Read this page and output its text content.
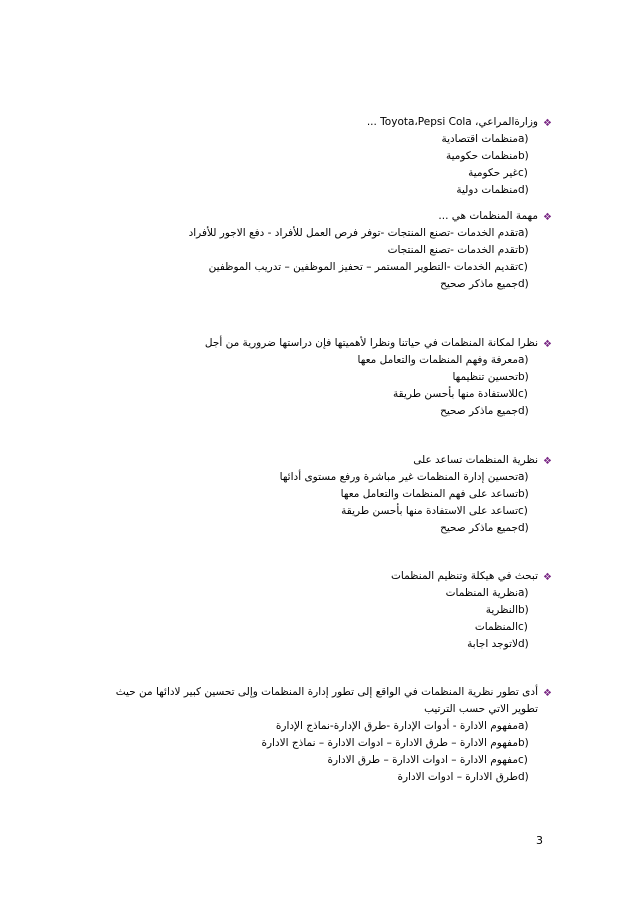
❖
وزارةالمراعي، Toyota،Pepsi Cola ...
a)منظمات اقتصادية
b)منظمات حكومية
c)غير حكومية
d)منظمات دولية
❖
مهمة المنظمات هي ...
a)تقدم الخدمات -تصنع المنتجات -توفر فرص العمل للأفراد - دفع الاجور للأفراد
b)تقدم الخدمات -تصنع المنتجات
c)تقديم الخدمات -التطوير المستمر – تحفيز الموظفين – تدريب الموظفين
d)جميع ماذكر صحيح
❖
نظرا لمكانة المنظمات في حياتنا ونظرا لأهميتها فإن دراستها ضرورية من أجل
a)معرفة وفهم المنظمات والتعامل معها
b)تحسين تنظيمها
c)للاستفادة منها بأحسن طريقة
d)جميع ماذكر صحيح
❖
نظرية المنظمات تساعد على
a)تحسين إدارة المنظمات غير مباشرة ورفع مستوى أدائها
b)تساعد على فهم المنظمات والتعامل معها
c)تساعد على الاستفادة منها بأحسن طريقة
d)جميع ماذكر صحيح
❖
تبحث في هيكلة وتنظيم المنظمات
a)نظرية المنظمات
b)النظرية
c)المنظمات
d)لاتوجد اجابة
❖
أدى تطور نظرية المنظمات في الواقع إلى تطور إدارة المنظمات وإلى تحسين كبير لادائها من حيث تطوير الاتي حسب الترتيب
a)مفهوم الادارة - أدوات الإدارة -طرق الإدارة-نماذج الإدارة
b)مفهوم الادارة – طرق الادارة – ادوات الادارة – نماذج الادارة
c)مفهوم الادارة – ادوات الادارة – طرق الادارة
d)طرق الادارة – ادوات الادارة
3
